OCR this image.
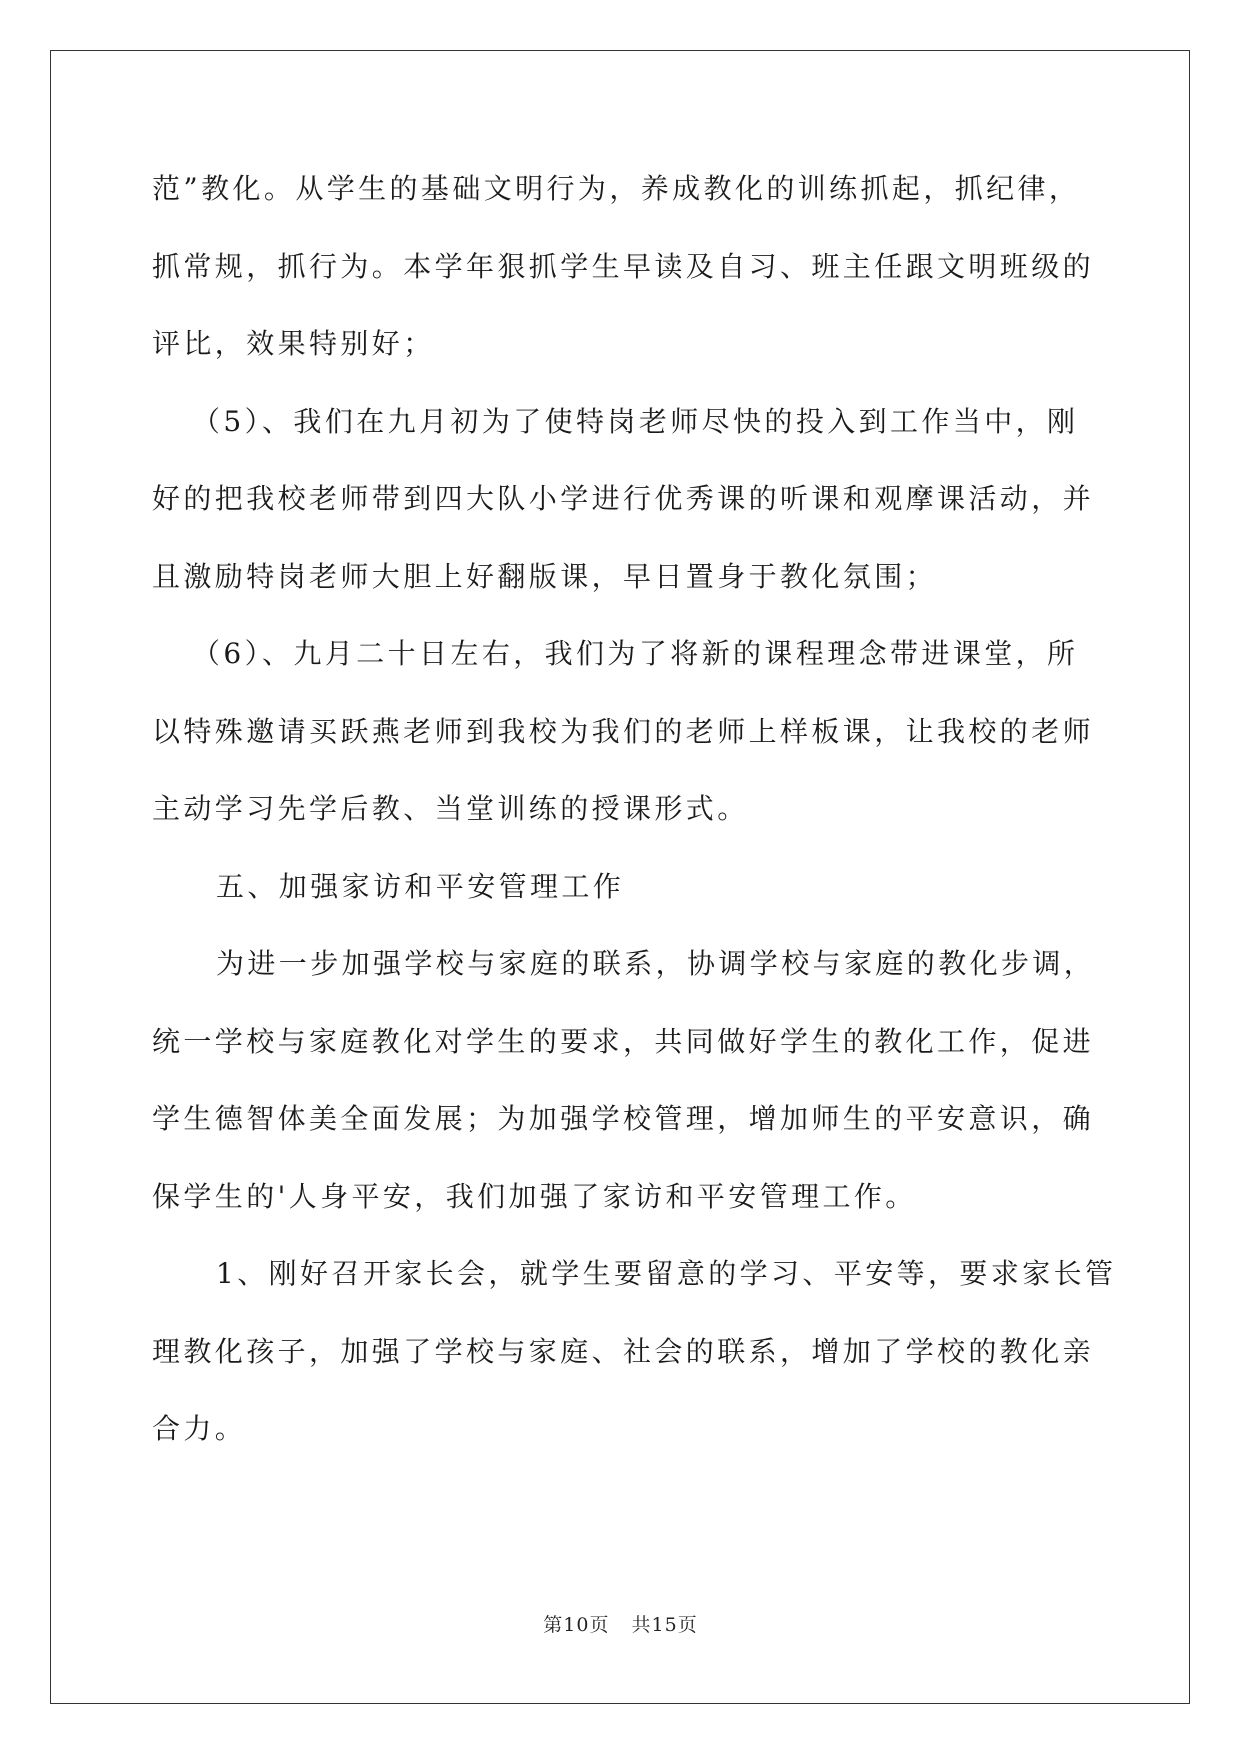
范”教化。从学生的基础文明行为，养成教化的训练抓起，抓纪律，
抓常规，抓行为。本学年狠抓学生早读及自习、班主任跟文明班级的
评比，效果特别好；

（5）、我们在九月初为了使特岗老师尽快的投入到工作当中，刚
好的把我校老师带到四大队小学进行优秀课的听课和观摩课活动，并
且激励特岗老师大胆上好翻版课，早日置身于教化氛围；

（6）、九月二十日左右，我们为了将新的课程理念带进课堂，所
以特殊邀请买跃燕老师到我校为我们的老师上样板课，让我校的老师
主动学习先学后教、当堂训练的授课形式。

五、加强家访和平安管理工作

为进一步加强学校与家庭的联系，协调学校与家庭的教化步调，
统一学校与家庭教化对学生的要求，共同做好学生的教化工作，促进
学生德智体美全面发展；为加强学校管理，增加师生的平安意识，确
保学生的'人身平安，我们加强了家访和平安管理工作。

1、刚好召开家长会，就学生要留意的学习、平安等，要求家长管
理教化孩子，加强了学校与家庭、社会的联系，增加了学校的教化亲
合力。

第10页 共15页
